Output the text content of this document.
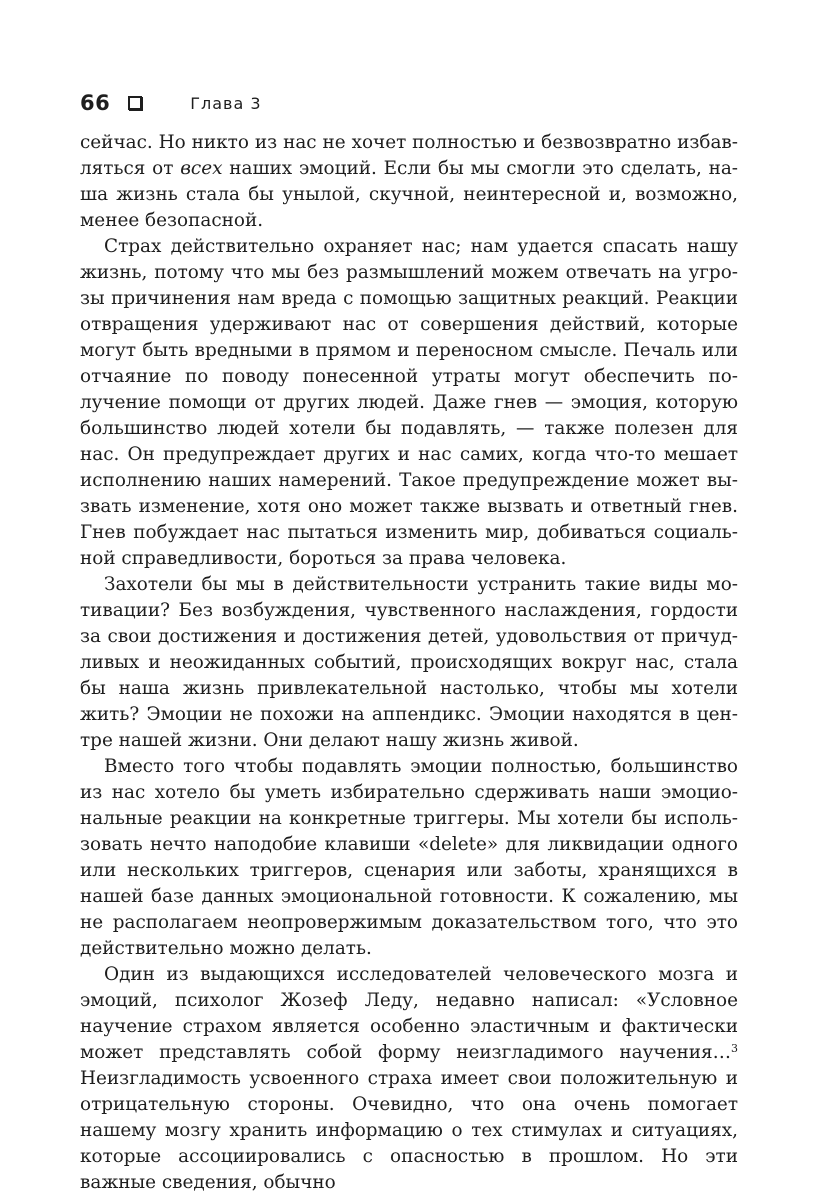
66	Глава 3

сейчас. Но никто из нас не хочет полностью и безвозвратно избавляться от всех наших эмоций. Если бы мы смогли это сделать, наша жизнь стала бы унылой, скучной, неинтересной и, возможно, менее безопасной.

Страх действительно охраняет нас; нам удается спасать нашу жизнь, потому что мы без размышлений можем отвечать на угрозы причинения нам вреда с помощью защитных реакций. Реакции отвращения удерживают нас от совершения действий, которые могут быть вредными в прямом и переносном смысле. Печаль или отчаяние по поводу понесенной утраты могут обеспечить получение помощи от других людей. Даже гнев — эмоция, которую большинство людей хотели бы подавлять, — также полезен для нас. Он предупреждает других и нас самих, когда что-то мешает исполнению наших намерений. Такое предупреждение может вызвать изменение, хотя оно может также вызвать и ответный гнев. Гнев побуждает нас пытаться изменить мир, добиваться социальной справедливости, бороться за права человека.

Захотели бы мы в действительности устранить такие виды мотивации? Без возбуждения, чувственного наслаждения, гордости за свои достижения и достижения детей, удовольствия от причудливых и неожиданных событий, происходящих вокруг нас, стала бы наша жизнь привлекательной настолько, чтобы мы хотели жить? Эмоции не похожи на аппендикс. Эмоции находятся в центре нашей жизни. Они делают нашу жизнь живой.

Вместо того чтобы подавлять эмоции полностью, большинство из нас хотело бы уметь избирательно сдерживать наши эмоциональные реакции на конкретные триггеры. Мы хотели бы использовать нечто наподобие клавиши «delete» для ликвидации одного или нескольких триггеров, сценария или заботы, хранящихся в нашей базе данных эмоциональной готовности. К сожалению, мы не располагаем неопровержимым доказательством того, что это действительно можно делать.

Один из выдающихся исследователей человеческого мозга и эмоций, психолог Жозеф Леду, недавно написал: «Условное научение страхом является особенно эластичным и фактически может представлять собой форму неизгладимого научения…$^3$ Неизгладимость усвоенного страха имеет свои положительную и отрицательную стороны. Очевидно, что она очень помогает нашему мозгу хранить информацию о тех стимулах и ситуациях, которые ассоциировались с опасностью в прошлом. Но эти важные сведения, обычно
